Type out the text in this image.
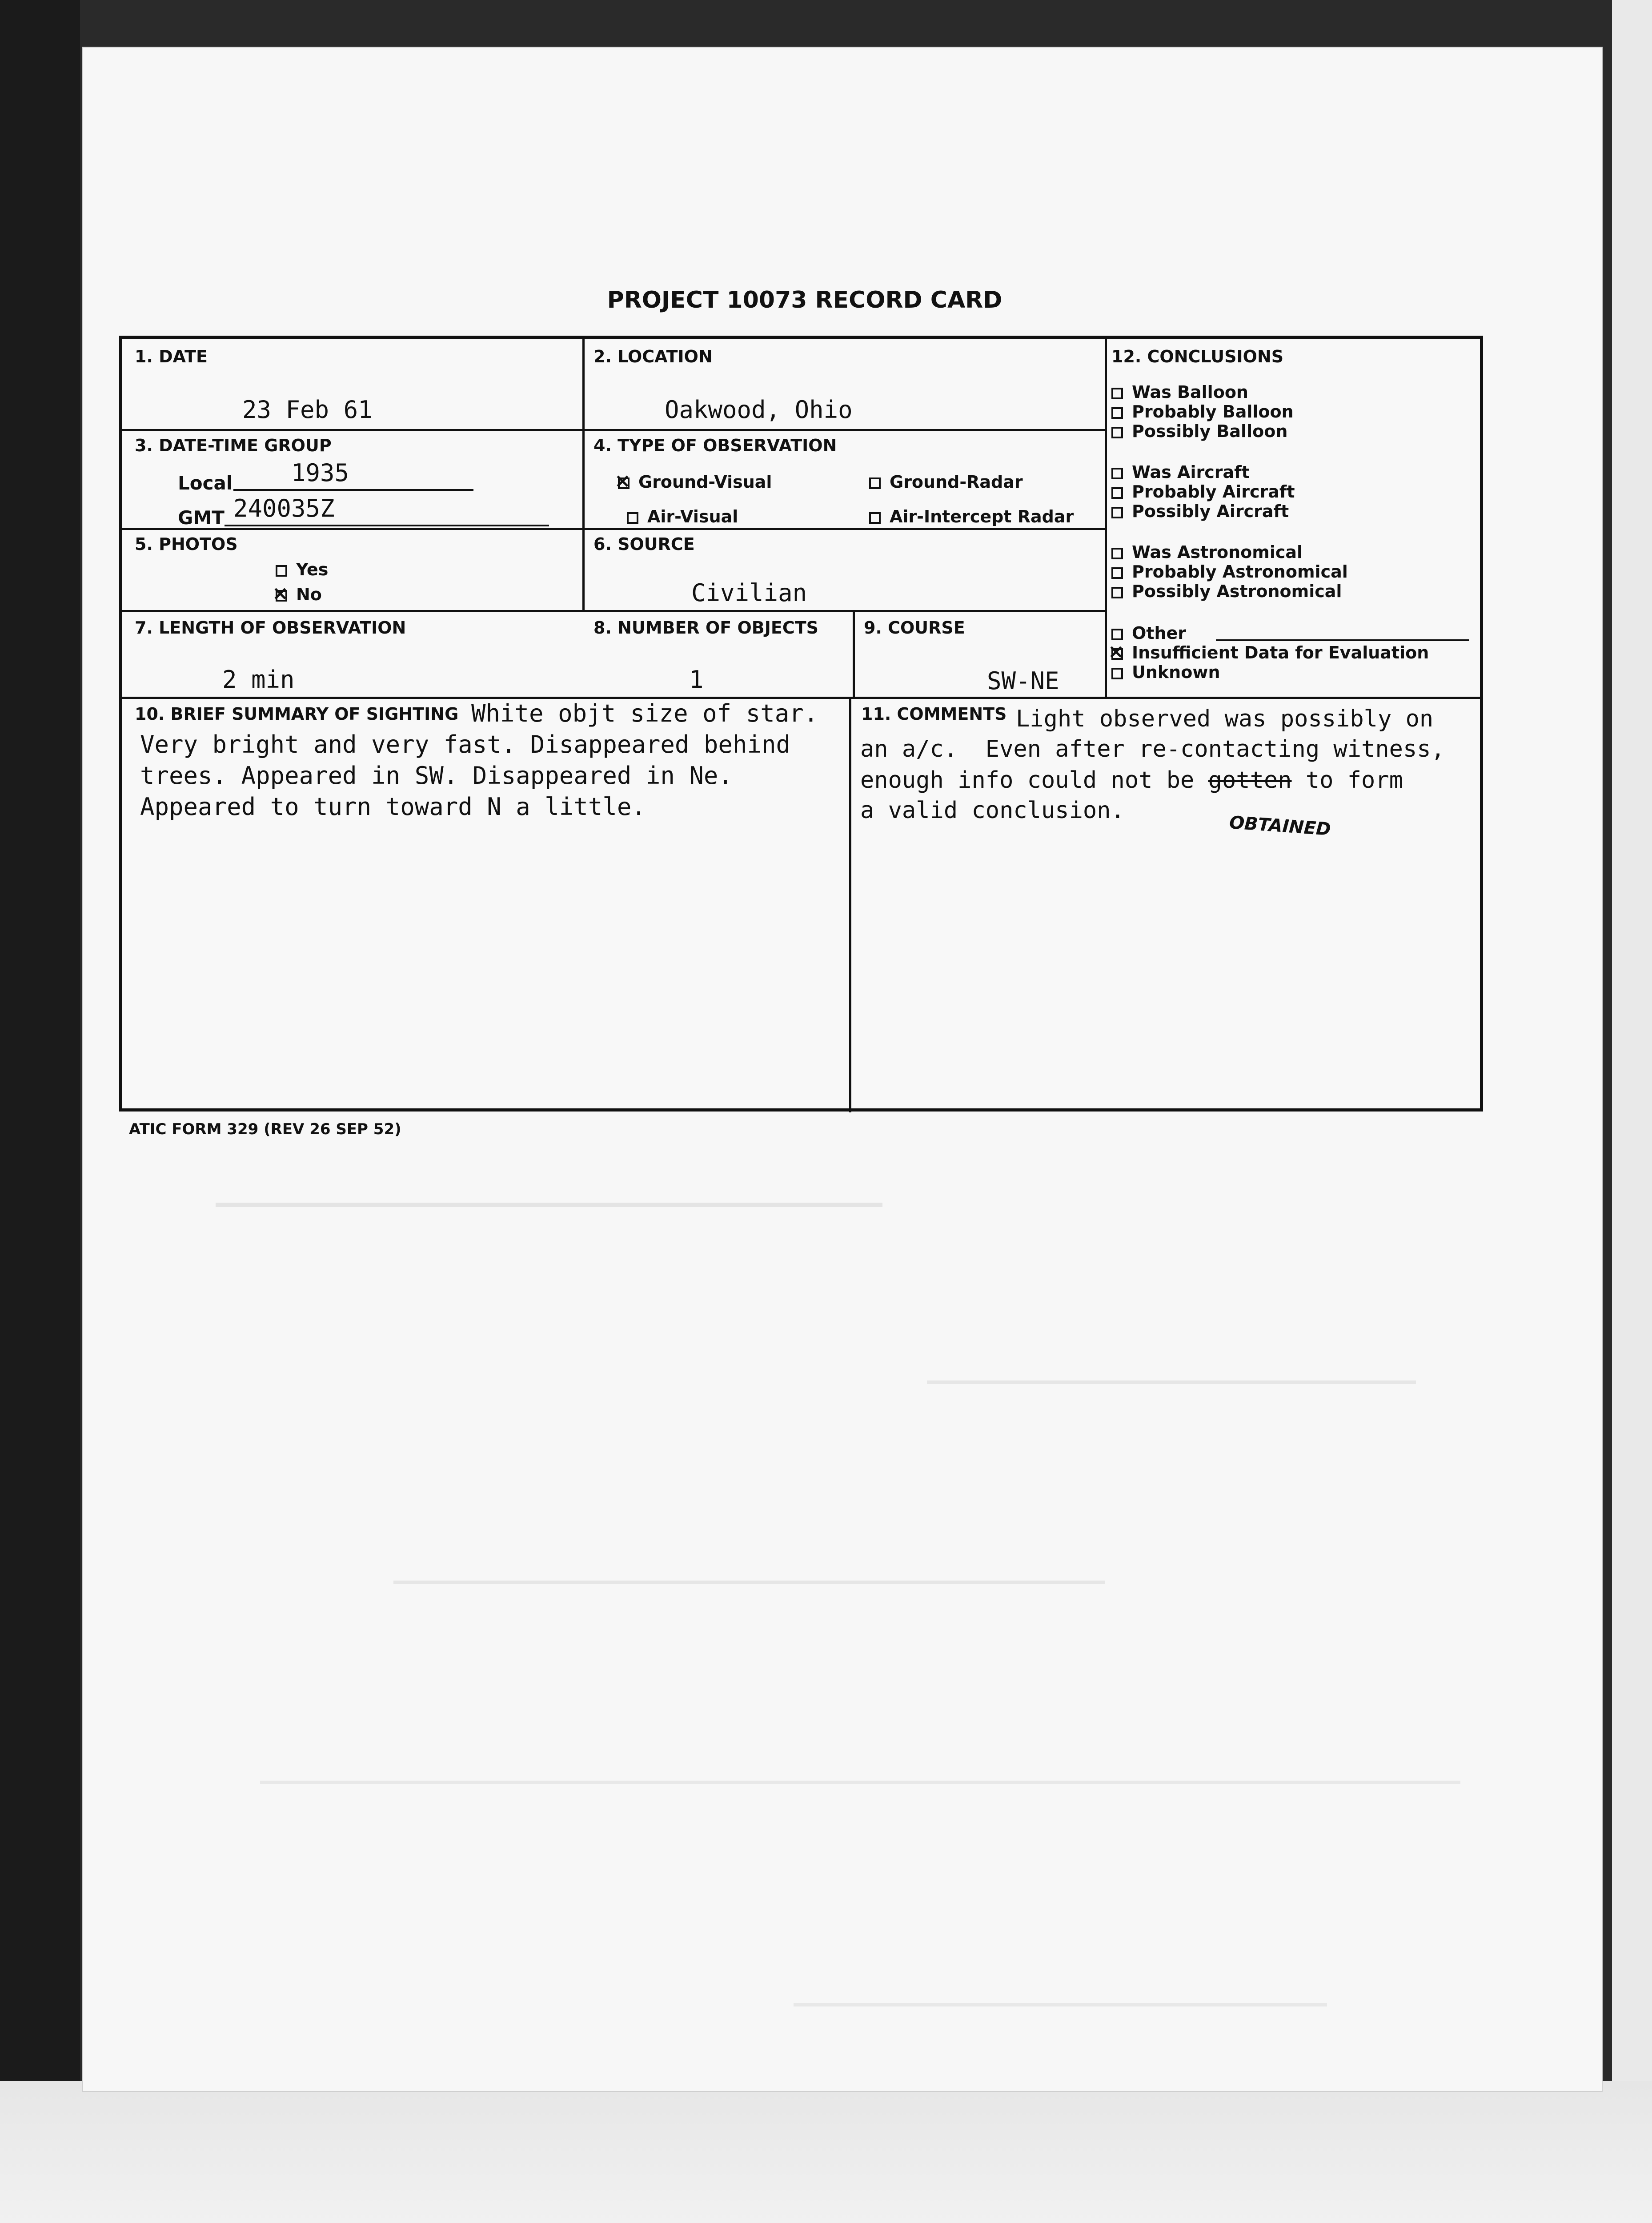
PROJECT 10073 RECORD CARD
1. DATE
23 Feb 61
2. LOCATION
Oakwood, Ohio
3. DATE-TIME GROUP
Local 1935
GMT 240035Z
4. TYPE OF OBSERVATION
×Ground-Visual	Ground-Radar
Air-Visual	Air-Intercept Radar
5. PHOTOS
Yes
×No
6. SOURCE
Civilian
7. LENGTH OF OBSERVATION
2 min
8. NUMBER OF OBJECTS
1
9. COURSE
SW-NE
12. CONCLUSIONS
Was Balloon
Probably Balloon
Possibly Balloon
Was Aircraft
Probably Aircraft
Possibly Aircraft
Was Astronomical
Probably Astronomical
Possibly Astronomical
Other
×Insufficient Data for Evaluation
Unknown
10. BRIEF SUMMARY OF SIGHTING White objt size of star.
Very bright and very fast. Disappeared behind
trees. Appeared in SW. Disappeared in Ne.
Appeared to turn toward N a little.
11. COMMENTS Light observed was possibly on
an a/c.  Even after re-contacting witness,
enough info could not be gotten to form
a valid conclusion.
OBTAINED
ATIC FORM 329 (REV 26 SEP 52)
